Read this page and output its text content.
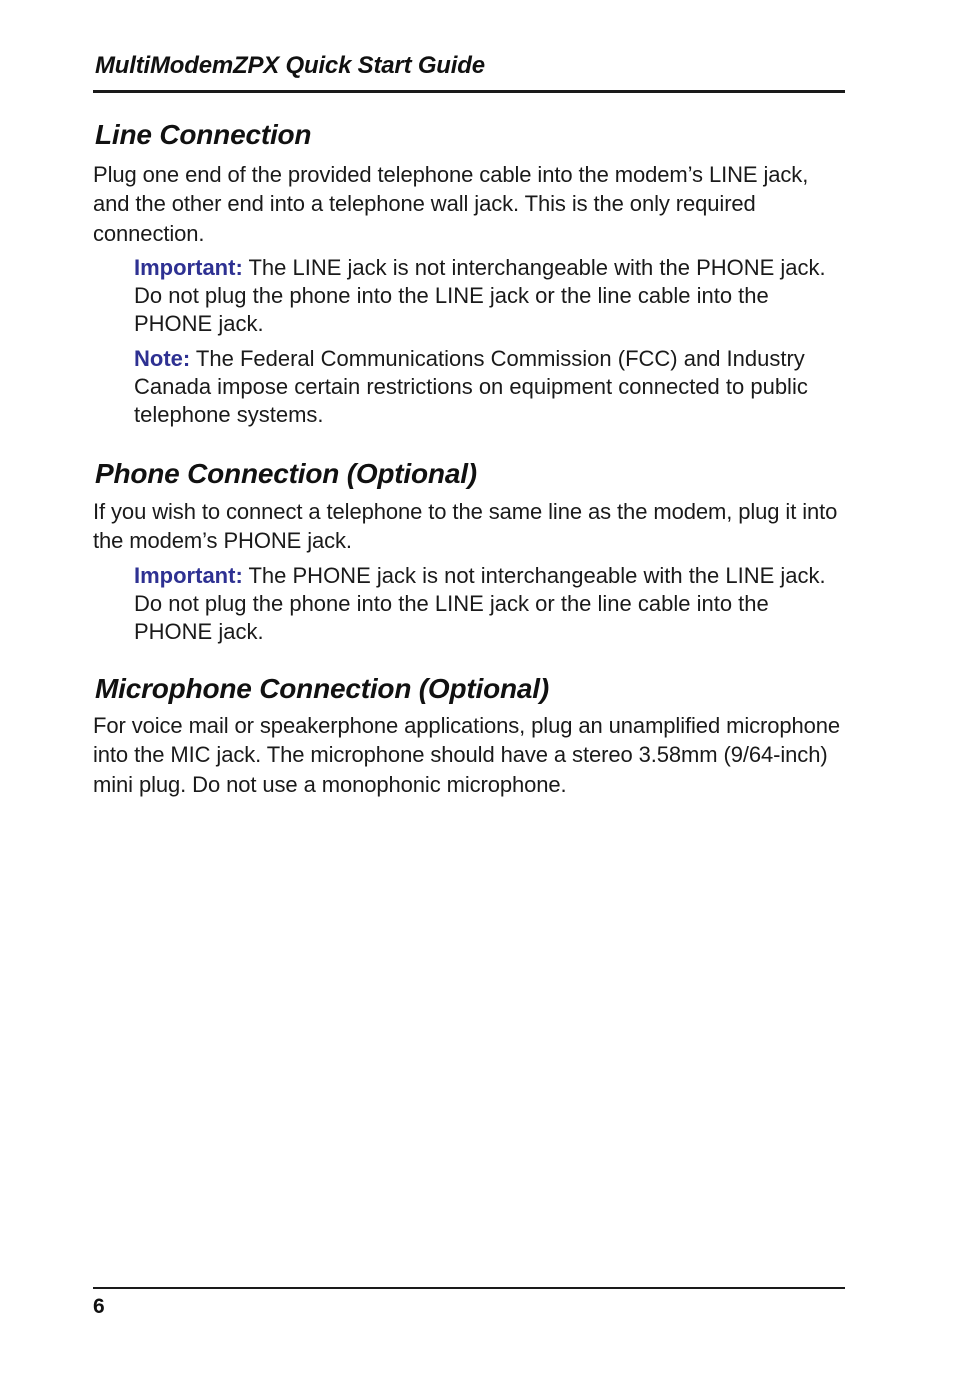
MultiModemZPX Quick Start Guide
Line Connection

Plug one end of the provided telephone cable into the modem’s LINE jack, and the other end into a telephone wall jack. This is the only required connection.

Important: The LINE jack is not interchangeable with the PHONE jack. Do not plug the phone into the LINE jack or the line cable into the PHONE jack.

Note: The Federal Communications Commission (FCC) and Industry Canada impose certain restrictions on equipment connected to public telephone systems.

Phone Connection (Optional)

If you wish to connect a telephone to the same line as the modem, plug it into the modem’s PHONE jack.

Important: The PHONE jack is not interchangeable with the LINE jack. Do not plug the phone into the LINE jack or the line cable into the PHONE jack.

Microphone Connection (Optional)

For voice mail or speakerphone applications, plug an unamplified microphone into the MIC jack. The microphone should have a stereo 3.58mm (9/64-inch) mini plug. Do not use a monophonic microphone.

6
